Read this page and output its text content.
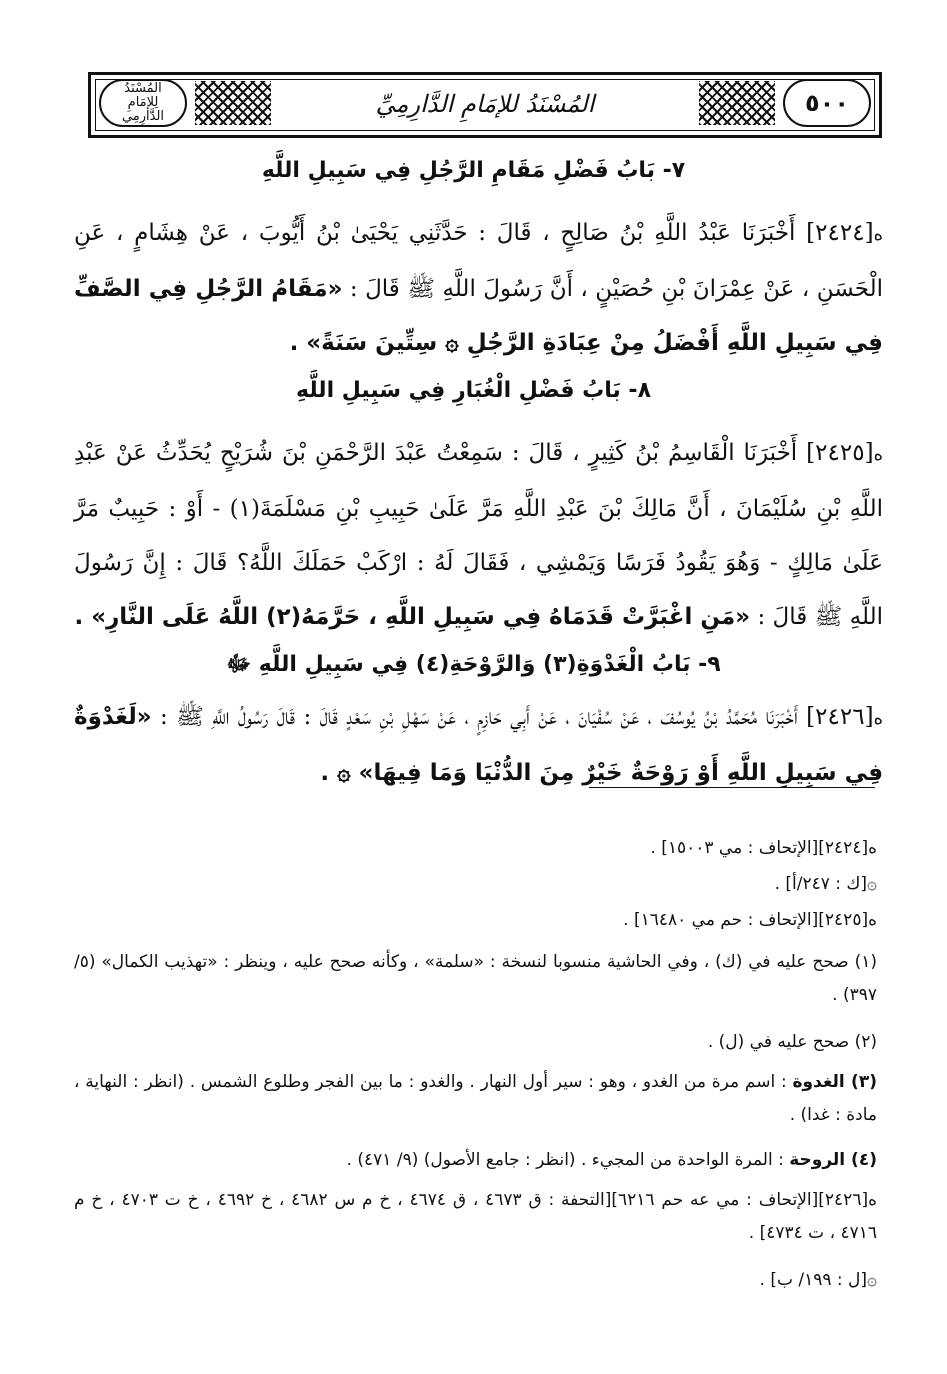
٥٠٠
المُسْنَدُ للإمَامِ الدَّارِمِيِّ
المُسْنَدُ لِلإمَامِ الدَّارِمِي
٧- بَابُ فَضْلِ مَقَامِ الرَّجُلِ فِي سَبِيلِ اللَّهِ
ه[٢٤٢٤] أَخْبَرَنَا عَبْدُ اللَّهِ بْنُ صَالِحٍ ، قَالَ : حَدَّثَنِي يَحْيَىٰ بْنُ أَيُّوبَ ، عَنْ هِشَامٍ ، عَنِ الْحَسَنِ ، عَنْ عِمْرَانَ بْنِ حُصَيْنٍ ، أَنَّ رَسُولَ اللَّهِ ﷺ قَالَ : «مَقَامُ الرَّجُلِ فِي الصَّفِّ فِي سَبِيلِ اللَّهِ أَفْضَلُ مِنْ عِبَادَةِ الرَّجُلِ ۞ سِتِّينَ سَنَةً» .
٨- بَابُ فَضْلِ الْغُبَارِ فِي سَبِيلِ اللَّهِ
ه[٢٤٢٥] أَخْبَرَنَا الْقَاسِمُ بْنُ كَثِيرٍ ، قَالَ : سَمِعْتُ عَبْدَ الرَّحْمَنِ بْنَ شُرَيْحٍ يُحَدِّثُ عَنْ عَبْدِ اللَّهِ بْنِ سُلَيْمَانَ ، أَنَّ مَالِكَ بْنَ عَبْدِ اللَّهِ مَرَّ عَلَىٰ حَبِيبِ بْنِ مَسْلَمَةَ(١) - أَوْ : حَبِيبٌ مَرَّ عَلَىٰ مَالِكٍ - وَهُوَ يَقُودُ فَرَسًا وَيَمْشِي ، فَقَالَ لَهُ : ارْكَبْ حَمَلَكَ اللَّهُ؟ قَالَ : إِنَّ رَسُولَ اللَّهِ ﷺ قَالَ : «مَنِ اغْبَرَّتْ قَدَمَاهُ فِي سَبِيلِ اللَّهِ ، حَرَّمَهُ(٢) اللَّهُ عَلَى النَّارِ» .
٩- بَابُ الْغَدْوَةِ(٣) وَالرَّوْحَةِ(٤) فِي سَبِيلِ اللَّهِ ﷻ
ه[٢٤٢٦] أَخْبَرَنَا مُحَمَّدُ بْنُ يُوسُفَ ، عَنْ سُفْيَانَ ، عَنْ أَبِي حَازِمٍ ، عَنْ سَهْلِ بْنِ سَعْدٍ قَالَ : قَالَ رَسُولُ اللَّهِ ﷺ : «لَغَدْوَةٌ فِي سَبِيلِ اللَّهِ أَوْ رَوْحَةٌ خَيْرٌ مِنَ الدُّنْيَا وَمَا فِيهَا» ۞ .
ه[٢٤٢٤][الإتحاف : مي ١٥٠٠٣] .
۞[ك : ٢٤٧/أ] .
ه[٢٤٢٥][الإتحاف : حم مي ١٦٤٨٠] .
(١) صحح عليه في (ك) ، وفي الحاشية منسوبا لنسخة : «سلمة» ، وكأنه صحح عليه ، وينظر : «تهذيب الكمال» (٥/ ٣٩٧) .
(٢) صحح عليه في (ل) .
(٣) الغدوة : اسم مرة من الغدو ، وهو : سير أول النهار . والغدو : ما بين الفجر وطلوع الشمس . (انظر : النهاية ، مادة : غدا) .
(٤) الروحة : المرة الواحدة من المجيء . (انظر : جامع الأصول) (٩/ ٤٧١) .
ه[٢٤٢٦][الإتحاف : مي عه حم ٦٢١٦][التحفة : ق ٤٦٧٣ ، ق ٤٦٧٤ ، خ م س ٤٦٨٢ ، خ ٤٦٩٢ ، خ ت ٤٧٠٣ ، خ م ٤٧١٦ ، ت ٤٧٣٤] .
۞[ل : ١٩٩/ ب] .
